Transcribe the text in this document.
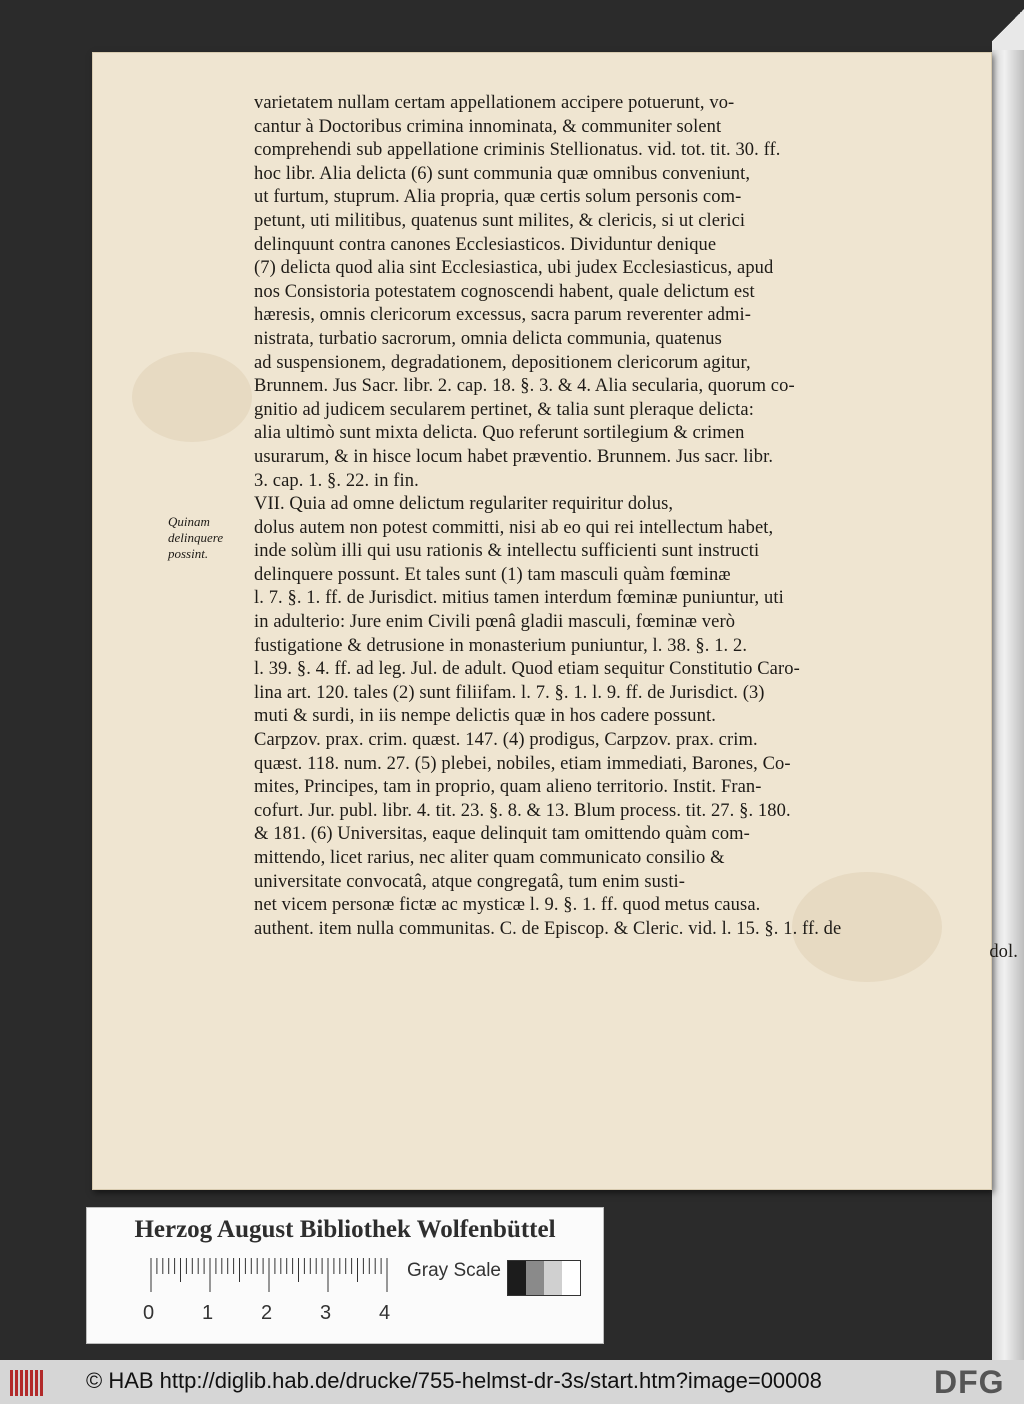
Quinam
delinquere
possint.
varietatem nullam certam appellationem accipere potuerunt, vo-
cantur à Doctoribus crimina innominata, & communiter solent
comprehendi sub appellatione criminis Stellionatus. vid. tot. tit. 30. ff.
hoc libr. Alia delicta (6) sunt communia quæ omnibus conveniunt,
ut furtum, stuprum. Alia propria, quæ certis solum personis com-
petunt, uti militibus, quatenus sunt milites, & clericis, si ut clerici
delinquunt contra canones Ecclesiasticos. Dividuntur denique
(7) delicta quod alia sint Ecclesiastica, ubi judex Ecclesiasticus, apud
nos Consistoria potestatem cognoscendi habent, quale delictum est
hæresis, omnis clericorum excessus, sacra parum reverenter admi-
nistrata, turbatio sacrorum, omnia delicta communia, quatenus
ad suspensionem, degradationem, depositionem clericorum agitur,
Brunnem. Jus Sacr. libr. 2. cap. 18. §. 3. & 4. Alia secularia, quorum co-
gnitio ad judicem secularem pertinet, & talia sunt pleraque delicta:
alia ultimò sunt mixta delicta. Quo referunt sortilegium & crimen
usurarum, & in hisce locum habet præventio. Brunnem. Jus sacr. libr.
3. cap. 1. §. 22. in fin.
VII. Quia ad omne delictum regulariter requiritur dolus,
dolus autem non potest committi, nisi ab eo qui rei intellectum habet,
inde solùm illi qui usu rationis & intellectu sufficienti sunt instructi
delinquere possunt. Et tales sunt (1) tam masculi quàm fœminæ
l. 7. §. 1. ff. de Jurisdict. mitius tamen interdum fœminæ puniuntur, uti
in adulterio: Jure enim Civili pœnâ gladii masculi, fœminæ verò
fustigatione & detrusione in monasterium puniuntur, l. 38. §. 1. 2.
l. 39. §. 4. ff. ad leg. Jul. de adult. Quod etiam sequitur Constitutio Caro-
lina art. 120. tales (2) sunt filiifam. l. 7. §. 1. l. 9. ff. de Jurisdict. (3)
muti & surdi, in iis nempe delictis quæ in hos cadere possunt.
Carpzov. prax. crim. quæst. 147. (4) prodigus, Carpzov. prax. crim.
quæst. 118. num. 27. (5) plebei, nobiles, etiam immediati, Barones, Co-
mites, Principes, tam in proprio, quam alieno territorio. Instit. Fran-
cofurt. Jur. publ. libr. 4. tit. 23. §. 8. & 13. Blum process. tit. 27. §. 180.
& 181. (6) Universitas, eaque delinquit tam omittendo quàm com-
mittendo, licet rarius, nec aliter quam communicato consilio &
universitate convocatâ, atque congregatâ, tum enim susti-
net vicem personæ fictæ ac mysticæ l. 9. §. 1. ff. quod metus causa.
authent. item nulla communitas. C. de Episcop. & Cleric. vid. l. 15. §. 1. ff. de
dol.
Herzog August Bibliothek Wolfenbüttel
0 1 2 3 4
Gray Scale
© HAB http://diglib.hab.de/drucke/755-helmst-dr-3s/start.htm?image=00008	DFG
